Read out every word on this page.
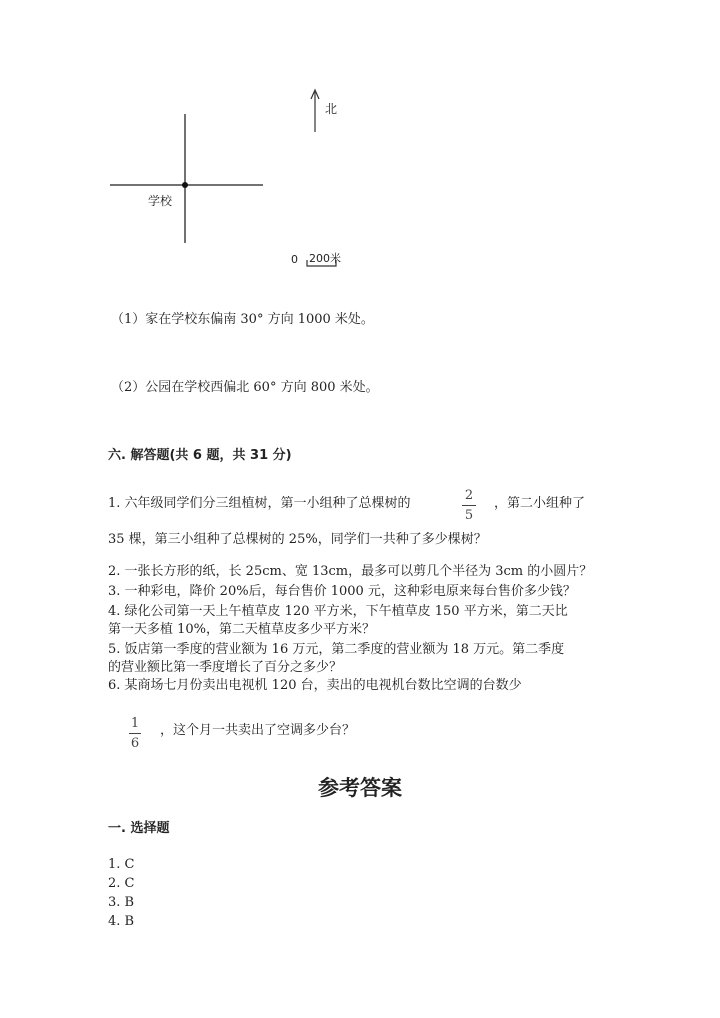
北
学校
0 200米
（1）家在学校东偏南 30° 方向 1000 米处。
（2）公园在学校西偏北 60° 方向 800 米处。
六. 解答题(共 6 题，共 31 分)
1. 六年级同学们分三组植树，第一小组种了总棵树的
2
5
，第二小组种了
35 棵，第三小组种了总棵树的 25%，同学们一共种了多少棵树？
2. 一张长方形的纸，长 25cm、宽 13cm，最多可以剪几个半径为 3cm 的小圆片？
3. 一种彩电，降价 20%后，每台售价 1000 元，这种彩电原来每台售价多少钱？
4. 绿化公司第一天上午植草皮 120 平方米，下午植草皮 150 平方米，第二天比
第一天多植 10%，第二天植草皮多少平方米？
5. 饭店第一季度的营业额为 16 万元，第二季度的营业额为 18 万元。第二季度
的营业额比第一季度增长了百分之多少？
6. 某商场七月份卖出电视机 120 台，卖出的电视机台数比空调的台数少
1
6
，这个月一共卖出了空调多少台？
参考答案
一. 选择题
1. C
2. C
3. B
4. B
